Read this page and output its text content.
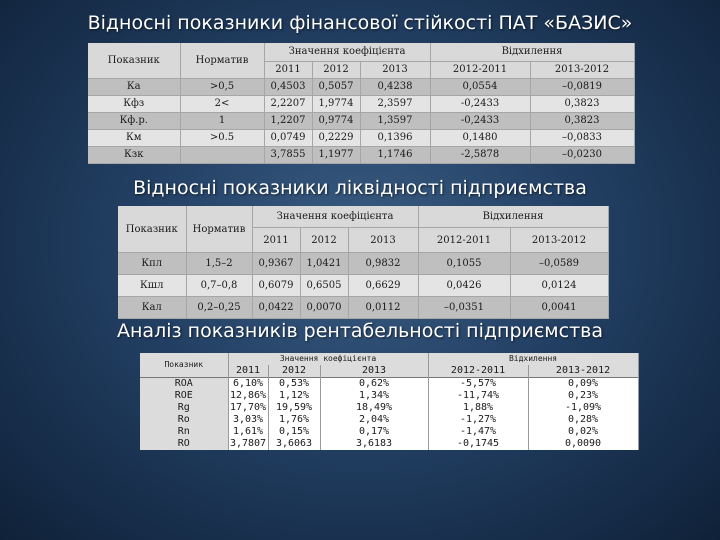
Відносні показники фінансової стійкості ПАТ «БАЗИС»
Показник	Норматив	Значення коефіцієнта			Відхилення	
		2011	2012	2013	2012-2011	2013-2012
Ка	>0,5	0,4503	0,5057	0,4238	0,0554	–0,0819
Кфз	2<	2,2207	1,9774	2,3597	-0,2433	0,3823
Кф.р.	1	1,2207	0,9774	1,3597	-0,2433	0,3823
Км	>0.5	0,0749	0,2229	0,1396	0,1480	–0,0833
Кзк		3,7855	1,1977	1,1746	-2,5878	–0,0230
Відносні показники ліквідності підприємства
Показник	Норматив	Значення коефіцієнта			Відхилення	
		2011	2012	2013	2012-2011	2013-2012
Кпл	1,5–2	0,9367	1,0421	0,9832	0,1055	–0,0589
Кшл	0,7–0,8	0,6079	0,6505	0,6629	0,0426	0,0124
Кал	0,2–0,25	0,0422	0,0070	0,0112	–0,0351	0,0041
Аналіз показників рентабельності підприємства
Показник	Значення коефіцієнта			Відхилення	
	2011	2012	2013	2012-2011	2013-2012
ROA	6,10%	0,53%	0,62%	-5,57%	0,09%
ROE	12,86%	1,12%	1,34%	-11,74%	0,23%
Rg	17,70%	19,59%	18,49%	1,88%	-1,09%
Ro	3,03%	1,76%	2,04%	-1,27%	0,28%
Rn	1,61%	0,15%	0,17%	-1,47%	0,02%
RO	3,7807	3,6063	3,6183	-0,1745	0,0090
